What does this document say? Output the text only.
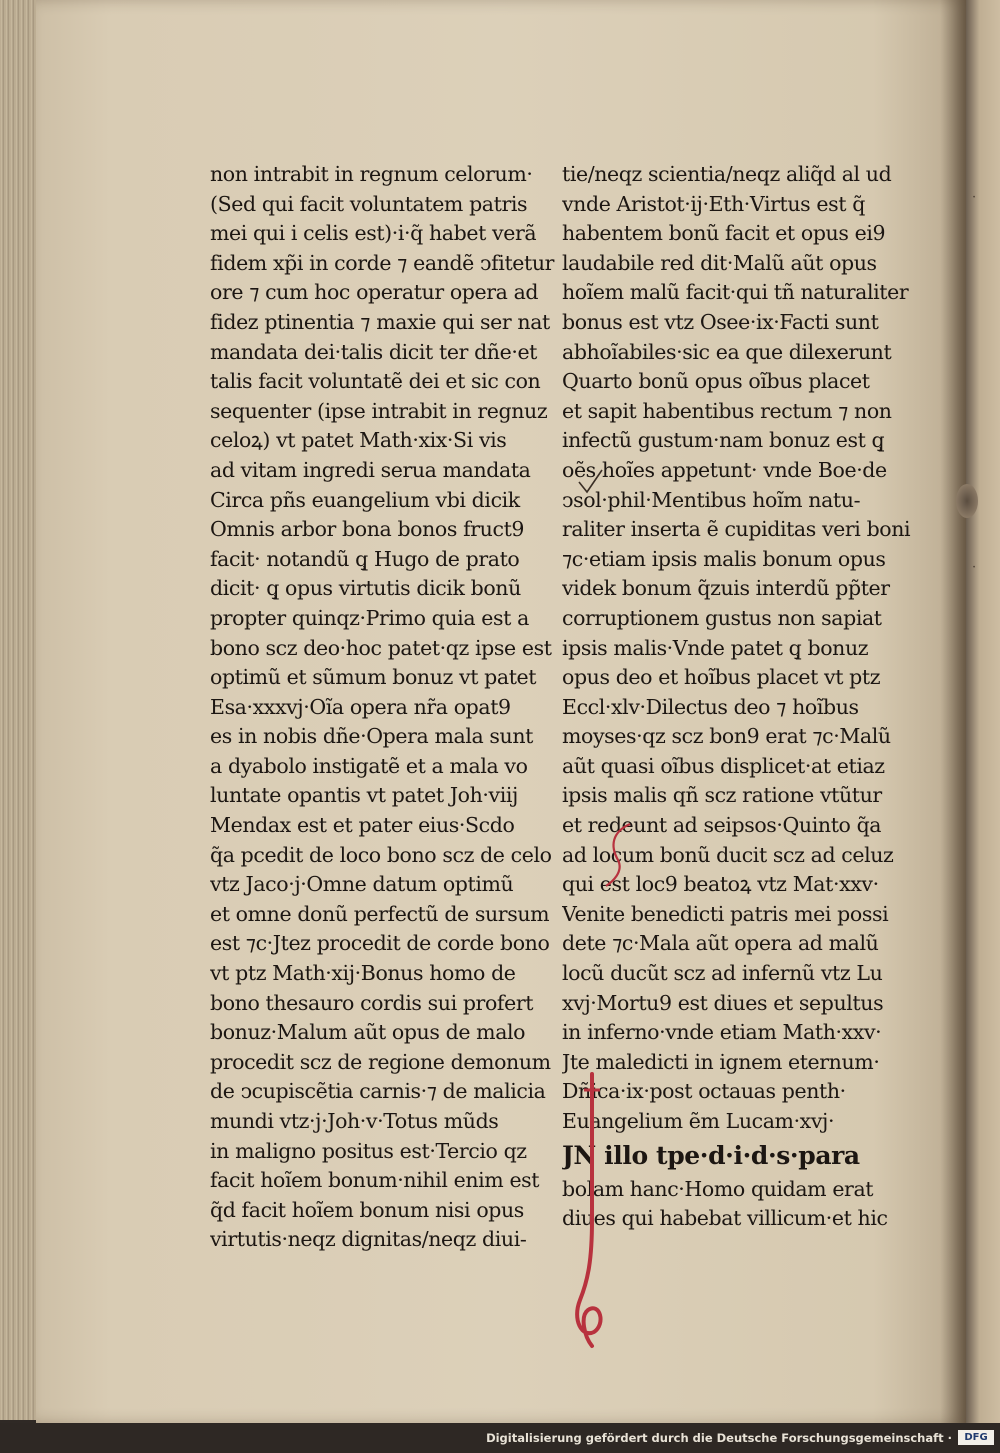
·
·
non intrabit in regnum celorum·
(Sed qui facit voluntatem patris
mei qui i celis est)·i·q̃ habet verã
fidem xp̃i in corde ⁊ eandẽ ↄfitetur
ore ⁊ cum hoc operatur opera ad
fidez ptinentia ⁊ maxie qui ser nat
mandata dei·talis dicit ter dñe·et
talis facit voluntatẽ dei et sic con
sequenter (ipse intrabit in regnuz
celoꝝ) vt patet Math·xix·Si vis
ad vitam ingredi serua mandata
Circa pñs euangelium vbi dicik
Omnis arbor bona bonos fruct9
facit· notandũ q̧ Hugo de prato
dicit· q̧ opus virtutis dicik bonũ
propter quinqz·Primo quia est a
bono scz deo·hoc patet·qz ipse est
optimũ et sũmum bonuz vt patet
Esa·xxxvj·Oĩa opera nr̃a opat9
es in nobis dñe·Opera mala sunt
a dyabolo instigatẽ et a mala vo
luntate opantis vt patet Joh·viij
Mendax est et pater eius·Scdo
q̃a pcedit de loco bono scz de celo
vtz Jaco·j·Omne datum optimũ
et omne donũ perfectũ de sursum
est ⁊c·Jtez procedit de corde bono
vt ptz Math·xij·Bonus homo de
bono thesauro cordis sui profert
bonuz·Malum aũt opus de malo
procedit scz de regione demonum
de ↄcupiscẽtia carnis·⁊ de malicia
mundi vtz·j·Joh·v·Totus mũds
in maligno positus est·Tercio qz
facit hoĩem bonum·nihil enim est
q̃d facit hoĩem bonum nisi opus
virtutis·neqz dignitas/neqz diui-
tie/neqz scientia/neqz aliq̃d al ud
vnde Aristot·ij·Eth·Virtus est q̃
habentem bonũ facit et opus ei9
laudabile red dit·Malũ aũt opus
hoĩem malũ facit·qui tñ naturaliter
bonus est vtz Osee·ix·Facti sunt
abhoĩabiles·sic ea que dilexerunt
Quarto bonũ opus oĩbus placet
et sapit habentibus rectum ⁊ non
infectũ gustum·nam bonuz est q̧
oẽs hoĩes appetunt· vnde Boe·de
ↄsol·phil·Mentibus hoĩm natu-
raliter inserta ẽ cupiditas veri boni
⁊c·etiam ipsis malis bonum opus
videk bonum q̃zuis interdũ pp̃ter
corruptionem gustus non sapiat
ipsis malis·Vnde patet q̧ bonuz
opus deo et hoĩbus placet vt ptz
Eccl·xlv·Dilectus deo ⁊ hoĩbus
moyses·qz scz bon9 erat ⁊c·Malũ
aũt quasi oĩbus displicet·at etiaz
ipsis malis qñ scz ratione vtũtur
et redeunt ad seipsos·Quinto q̃a
ad locum bonũ ducit scz ad celuz
qui est loc9 beatoꝝ vtz Mat·xxv·
Venite benedicti patris mei possi
dete ⁊c·Mala aũt opera ad malũ
locũ ducũt scz ad infernũ vtz Lu
xvj·Mortu9 est diues et sepultus
in inferno·vnde etiam Math·xxv·
Jte maledicti in ignem eternum·
Dñica·ix·post octauas penth·
Euangelium ẽm Lucam·xvj·
JN illo tpe·d·i·d·s·para
bolam hanc·Homo quidam erat
diues qui habebat villicum·et hic
Digitalisierung gefördert durch die Deutsche Forschungsgemeinschaft ·	DFG
